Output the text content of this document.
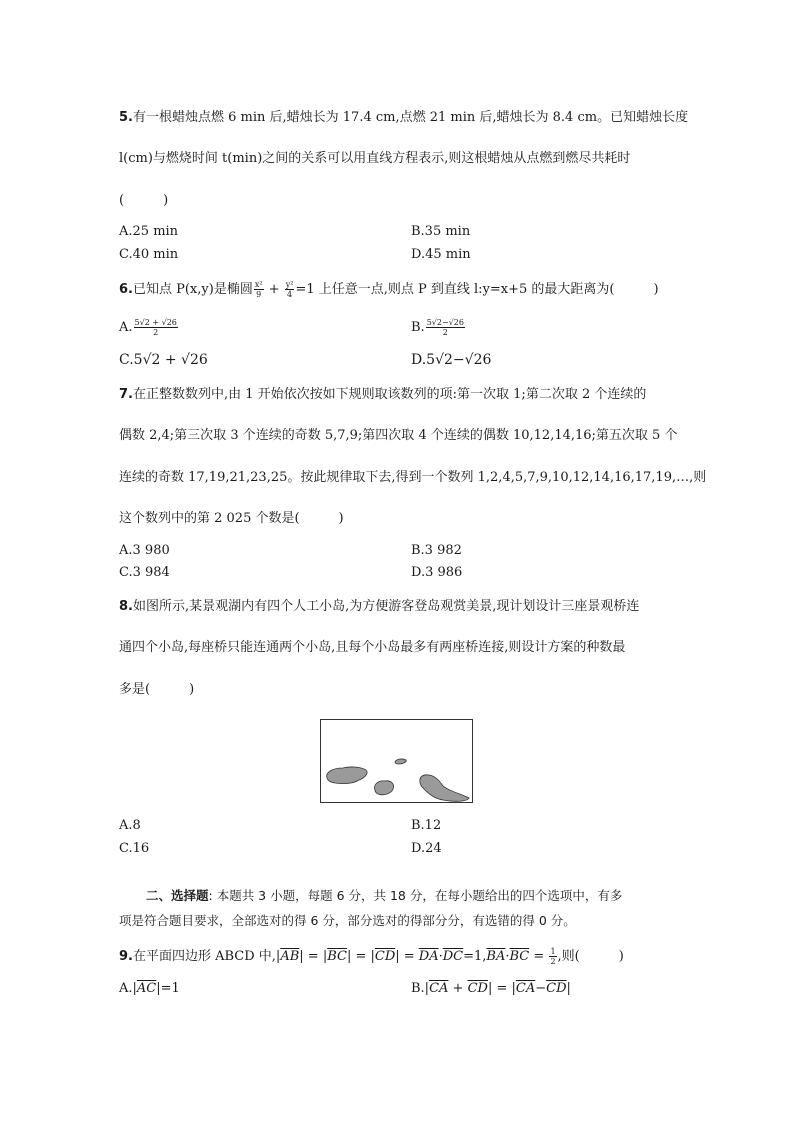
5.有一根蜡烛点燃 6 min 后,蜡烛长为 17.4 cm,点燃 21 min 后,蜡烛长为 8.4 cm。已知蜡烛长度
l(cm)与燃烧时间 t(min)之间的关系可以用直线方程表示,则这根蜡烛从点燃到燃尽共耗时
(　　　)
A.25 min	B.35 min
C.40 min	D.45 min
6.已知点 P(x,y)是椭圆 $\frac{\text{x²}}{9} + \frac{\text{y²}}{4} =1$ 上任意一点,则点 P 到直线 l:y=x+5 的最大距离为(　　　)
A. $\frac{5√2 + √26}{2}$	B. $\frac{5√2-√26}{2}$
C.5√2 + √26	D.5√2−√26
7.在正整数数列中,由 1 开始依次按如下规则取该数列的项:第一次取 1;第二次取 2 个连续的
偶数 2,4;第三次取 3 个连续的奇数 5,7,9;第四次取 4 个连续的偶数 10,12,14,16;第五次取 5 个
连续的奇数 17,19,21,23,25。按此规律取下去,得到一个数列 1,2,4,5,7,9,10,12,14,16,17,19,…,则
这个数列中的第 2 025 个数是(　　　)
A.3 980	B.3 982
C.3 984	D.3 986
8.如图所示,某景观湖内有四个人工小岛,为方便游客登岛观赏美景,现计划设计三座景观桥连
通四个小岛,每座桥只能连通两个小岛,且每个小岛最多有两座桥连接,则设计方案的种数最
多是(　　　)
A.8	B.12
C.16	D.24
二、选择题: 本题共 3 小题，每题 6 分，共 18 分，在每小题给出的四个选项中，有多
项是符合题目要求，全部选对的得 6 分，部分选对的得部分分，有选错的得 0 分。
9.在平面四边形 ABCD 中$,|\overline{AB}| = |\overline{BC}| = |\overline{CD}| = \overline{DA}\cdot\overline{DC}=1,\overline{BA}\cdot\overline{BC} = \frac{1}{2}$ ,则(　　　)
$A.|\overline{AC}|=1$	$B.|\overline{CA} + \overline{CD}| = |\overline{CA}-\overline{CD}|$
